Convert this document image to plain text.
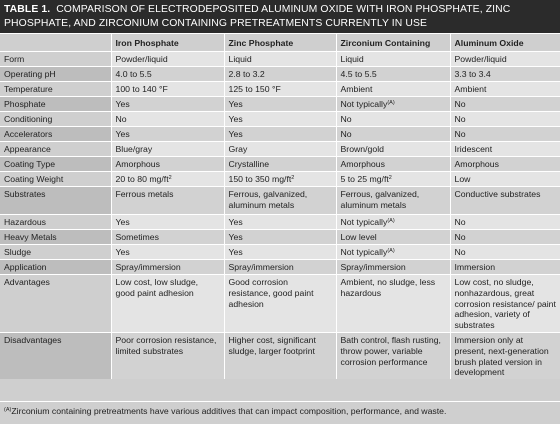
TABLE 1. COMPARISON OF ELECTRODEPOSITED ALUMINUM OXIDE WITH IRON PHOSPHATE, ZINC PHOSPHATE, AND ZIRCONIUM CONTAINING PRETREATMENTS CURRENTLY IN USE
	Iron Phosphate	Zinc Phosphate	Zirconium Containing	Aluminum Oxide
Form	Powder/liquid	Liquid	Liquid	Powder/liquid
Operating pH	4.0 to 5.5	2.8 to 3.2	4.5 to 5.5	3.3 to 3.4
Temperature	100 to 140 °F	125 to 150 °F	Ambient	Ambient
Phosphate	Yes	Yes	Not typically$^{(A)}$	No
Conditioning	No	Yes	No	No
Accelerators	Yes	Yes	No	No
Appearance	Blue/gray	Gray	Brown/gold	Iridescent
Coating Type	Amorphous	Crystalline	Amorphous	Amorphous
Coating Weight	20 to 80 $mg/ft^2$	150 to 350 $mg/ft^2$	5 to 25 $mg/ft^2$	Low
Substrates	Ferrous metals	Ferrous, galvanized, aluminum metals	Ferrous, galvanized, aluminum metals	Conductive substrates
Hazardous	Yes	Yes	Not typically$^{(A)}$	No
Heavy Metals	Sometimes	Yes	Low level	No
Sludge	Yes	Yes	Not typically$^{(A)}$	No
Application	Spray/immersion	Spray/immersion	Spray/immersion	Immersion
Advantages	Low cost, low sludge, good paint adhesion	Good corrosion resistance, good paint adhesion	Ambient, no sludge, less hazardous	Low cost, no sludge, nonhazardous, great corrosion resistance/ paint adhesion, variety of substrates
Disadvantages	Poor corrosion resistance, limited substrates	Higher cost, significant sludge, larger footprint	Bath control, flash rusting, throw power, variable corrosion performance	Immersion only at present, next-generation brush plated version in development
$^{(A)}$Zirconium containing pretreatments have various additives that can impact composition, performance, and waste.
